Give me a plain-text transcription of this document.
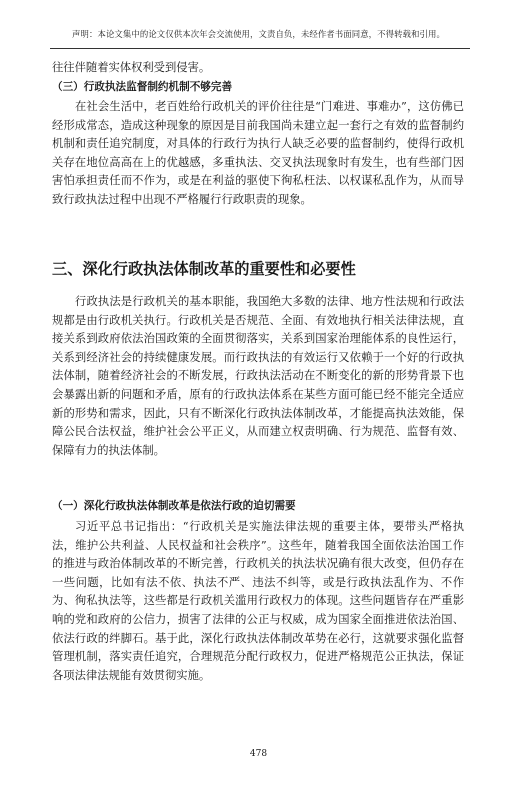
声明：本论文集中的论文仅供本次年会交流使用，文责自负，未经作者书面同意，不得转载和引用。

往往伴随着实体权利受到侵害。

（三）行政执法监督制约机制不够完善

在社会生活中，老百姓给行政机关的评价往往是“门难进、事难办”，这仿佛已经形成常态，造成这种现象的原因是目前我国尚未建立起一套行之有效的监督制约机制和责任追究制度，对具体的行政行为执行人缺乏必要的监督制约，使得行政机关存在地位高高在上的优越感，多重执法、交叉执法现象时有发生，也有些部门因害怕承担责任而不作为，或是在利益的驱使下徇私枉法、以权谋私乱作为，从而导致行政执法过程中出现不严格履行行政职责的现象。

三、深化行政执法体制改革的重要性和必要性

行政执法是行政机关的基本职能，我国绝大多数的法律、地方性法规和行政法规都是由行政机关执行。行政机关是否规范、全面、有效地执行相关法律法规，直接关系到政府依法治国政策的全面贯彻落实，关系到国家治理能体系的良性运行，关系到经济社会的持续健康发展。而行政执法的有效运行又依赖于一个好的行政执法体制，随着经济社会的不断发展，行政执法活动在不断变化的新的形势背景下也会暴露出新的问题和矛盾，原有的行政执法体系在某些方面可能已经不能完全适应新的形势和需求，因此，只有不断深化行政执法体制改革，才能提高执法效能，保障公民合法权益，维护社会公平正义，从而建立权责明确、行为规范、监督有效、保障有力的执法体制。

（一）深化行政执法体制改革是依法行政的迫切需要

习近平总书记指出：“行政机关是实施法律法规的重要主体，要带头严格执法，维护公共利益、人民权益和社会秩序”。这些年，随着我国全面依法治国工作的推进与政治体制改革的不断完善，行政机关的执法状况确有很大改变，但仍存在一些问题，比如有法不依、执法不严、违法不纠等，或是行政执法乱作为、不作为、徇私执法等，这些都是行政机关滥用行政权力的体现。这些问题皆存在严重影响的党和政府的公信力，损害了法律的公正与权威，成为国家全面推进依法治国、依法行政的绊脚石。基于此，深化行政执法体制改革势在必行，这就要求强化监督管理机制，落实责任追究，合理规范分配行政权力，促进严格规范公正执法，保证各项法律法规能有效贯彻实施。

478
